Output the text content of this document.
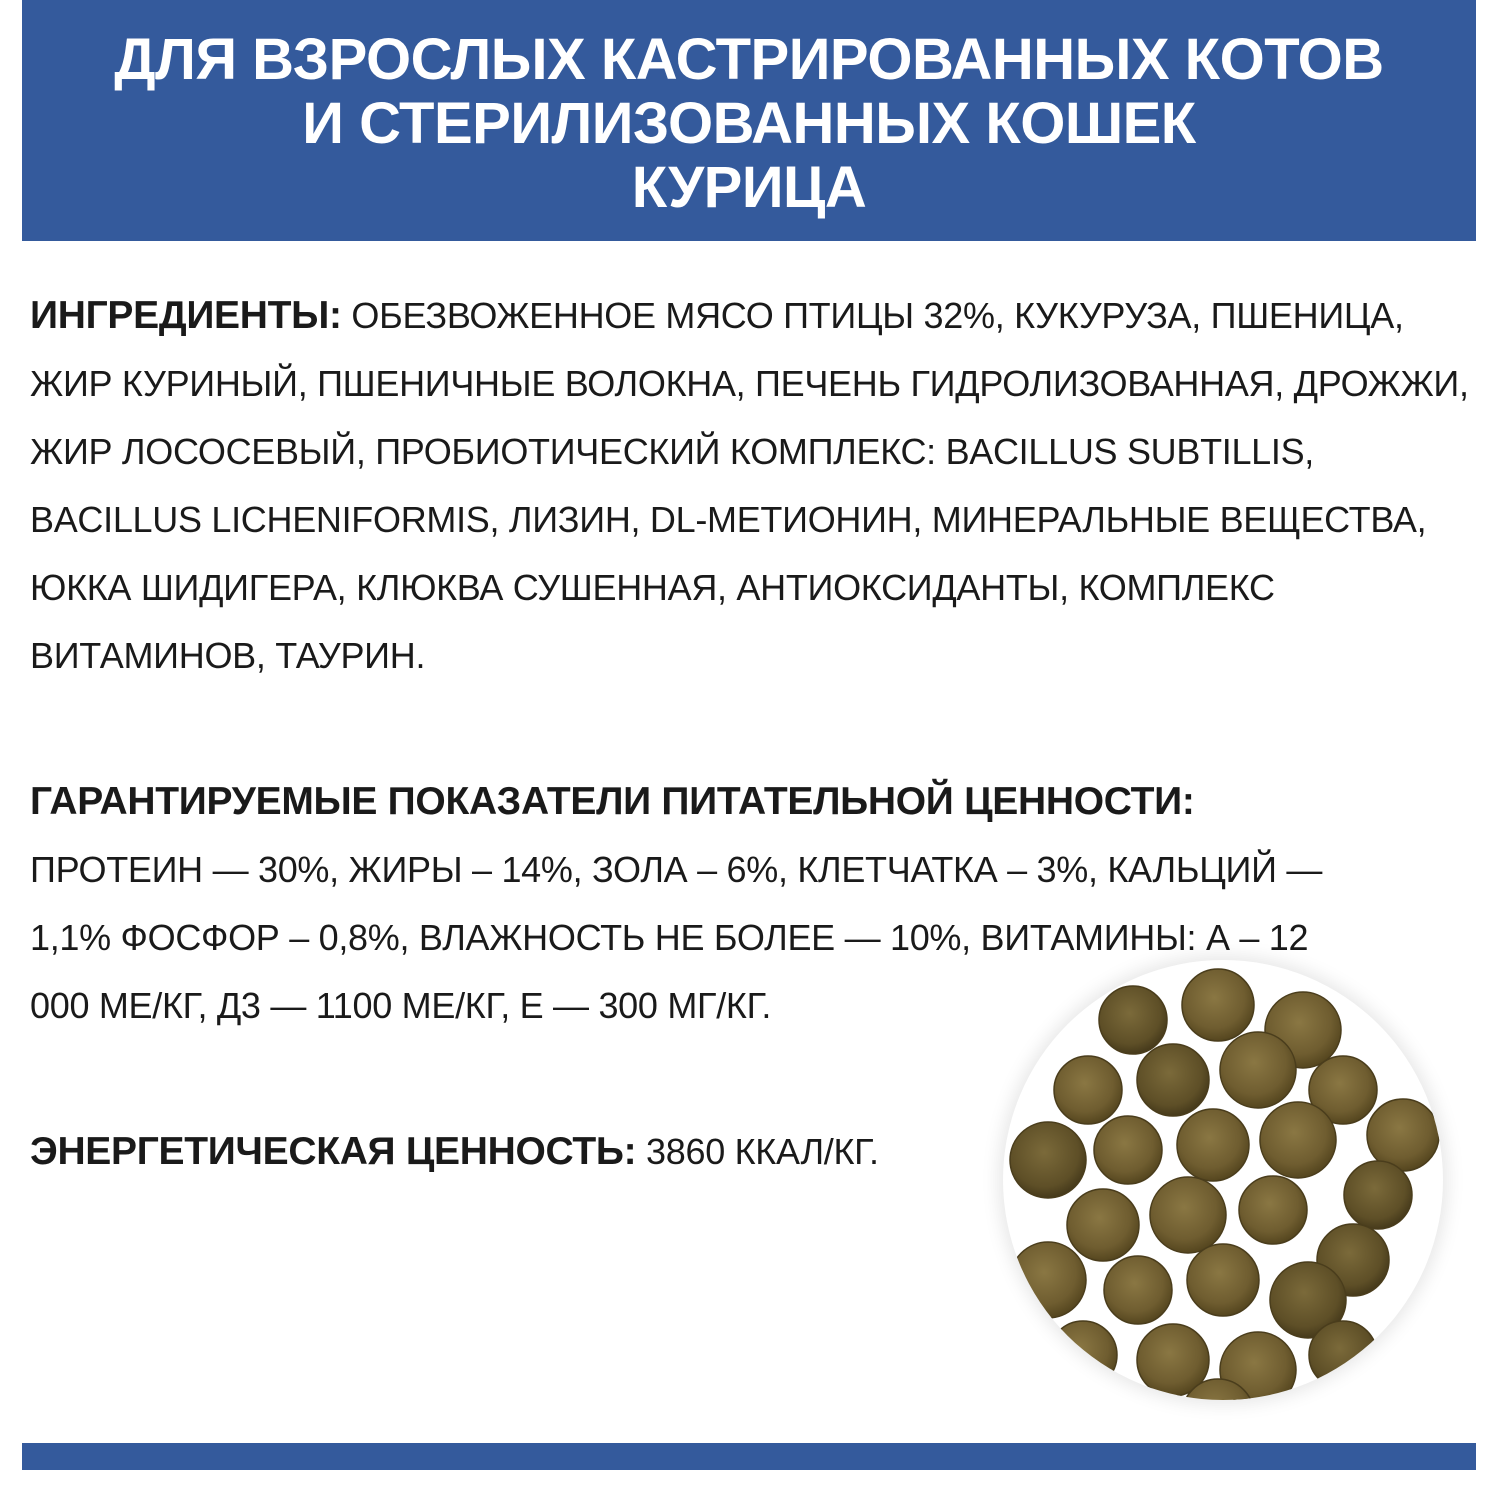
ДЛЯ ВЗРОСЛЫХ КАСТРИРОВАННЫХ КОТОВ
И СТЕРИЛИЗОВАННЫХ КОШЕК
КУРИЦА

ИНГРЕДИЕНТЫ: ОБЕЗВОЖЕННОЕ МЯСО ПТИЦЫ 32%, КУКУРУЗА, ПШЕНИЦА, ЖИР КУРИНЫЙ, ПШЕНИЧНЫЕ ВОЛОКНА, ПЕЧЕНЬ ГИДРОЛИЗОВАННАЯ, ДРОЖЖИ, ЖИР ЛОСОСЕВЫЙ, ПРОБИОТИЧЕСКИЙ КОМПЛЕКС: BACILLUS SUBTILLIS, BACILLUS LICHENIFORMIS, ЛИЗИН, DL-МЕТИОНИН, МИНЕРАЛЬНЫЕ ВЕЩЕСТВА, ЮККА ШИДИГЕРА, КЛЮКВА СУШЕННАЯ, АНТИОКСИДАНТЫ, КОМПЛЕКС ВИТАМИНОВ, ТАУРИН.

ГАРАНТИРУЕМЫЕ ПОКАЗАТЕЛИ ПИТАТЕЛЬНОЙ ЦЕННОСТИ:

ПРОТЕИН — 30%, ЖИРЫ – 14%, ЗОЛА – 6%, КЛЕТЧАТКА – 3%, КАЛЬЦИЙ — 1,1% ФОСФОР – 0,8%, ВЛАЖНОСТЬ НЕ БОЛЕЕ — 10%, ВИТАМИНЫ: А – 12 000 МЕ/КГ, Д3 — 1100 МЕ/КГ, Е — 300 МГ/КГ.

ЭНЕРГЕТИЧЕСКАЯ ЦЕННОСТЬ: 3860 ККАЛ/КГ.
